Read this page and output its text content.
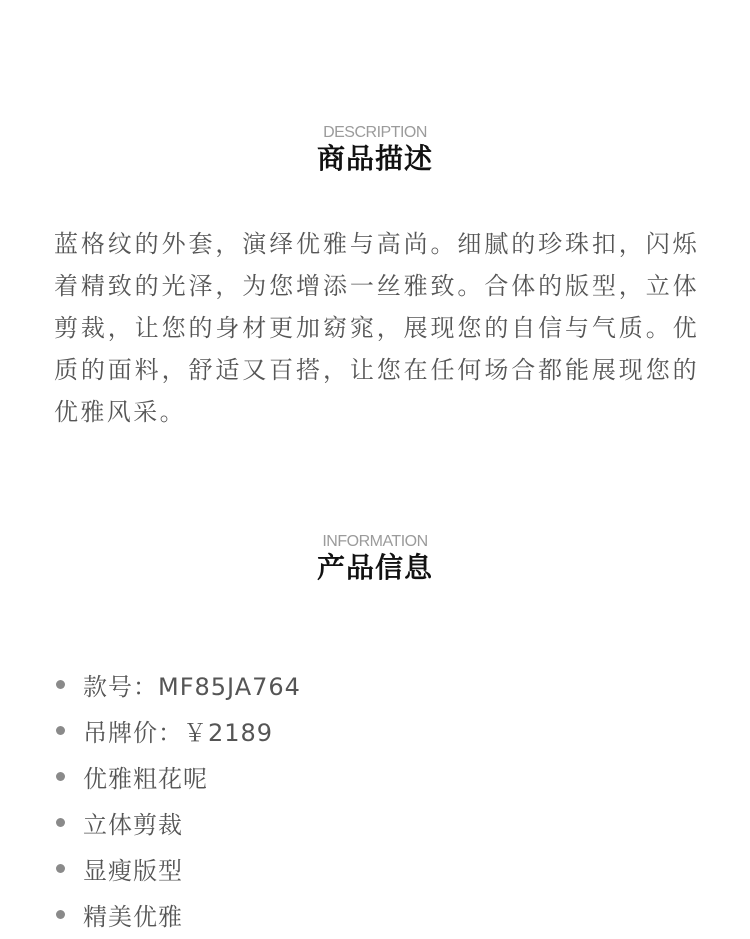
DESCRIPTION
商品描述
蓝格纹的外套，演绎优雅与高尚。细腻的珍珠扣，闪烁着精致的光泽，为您增添一丝雅致。合体的版型，立体剪裁，让您的身材更加窈窕，展现您的自信与气质。优质的面料，舒适又百搭，让您在任何场合都能展现您的优雅风采。
INFORMATION
产品信息
款号：MF85JA764
吊牌价：￥2189
优雅粗花呢
立体剪裁
显瘦版型
精美优雅
